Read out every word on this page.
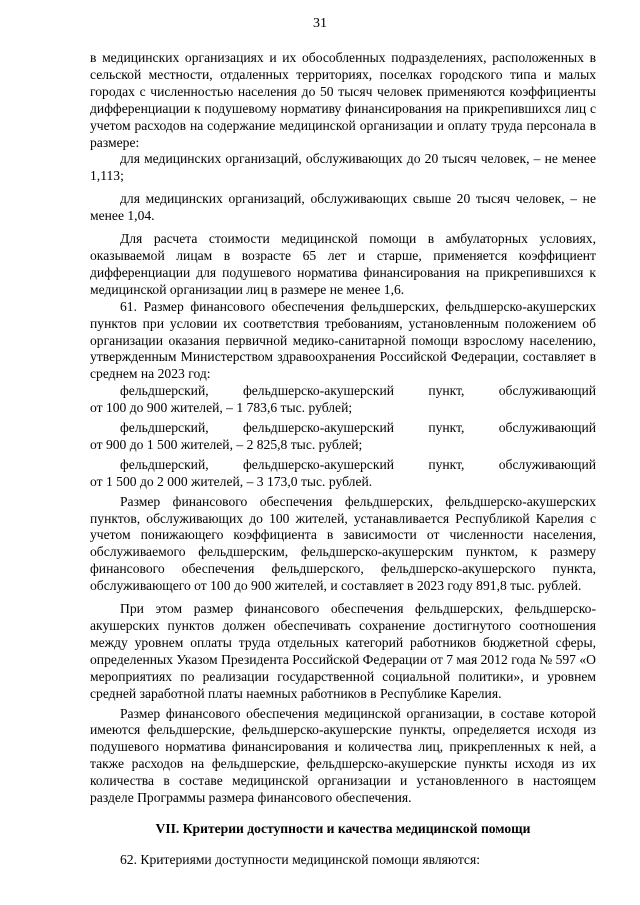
31

в медицинских организациях и их обособленных подразделениях, расположенных в сельской местности, отдаленных территориях, поселках городского типа и малых городах с численностью населения до 50 тысяч человек применяются коэффициенты дифференциации к подушевому нормативу финансирования на прикрепившихся лиц с учетом расходов на содержание медицинской организации и оплату труда персонала в размере:

для медицинских организаций, обслуживающих до 20 тысяч человек, – не менее 1,113;

для медицинских организаций, обслуживающих свыше 20 тысяч человек, – не менее 1,04.

Для расчета стоимости медицинской помощи в амбулаторных условиях, оказываемой лицам в возрасте 65 лет и старше, применяется коэффициент дифференциации для подушевого норматива финансирования на прикрепившихся к медицинской организации лиц в размере не менее 1,6.

61. Размер финансового обеспечения фельдшерских, фельдшерско-акушерских пунктов при условии их соответствия требованиям, установленным положением об организации оказания первичной медико-санитарной помощи взрослому населению, утвержденным Министерством здравоохранения Российской Федерации, составляет в среднем на 2023 год:

фельдшерский, фельдшерско-акушерский пункт, обслуживающий

от 100 до 900 жителей, – 1 783,6 тыс. рублей;

фельдшерский, фельдшерско-акушерский пункт, обслуживающий

от 900 до 1 500 жителей, – 2 825,8 тыс. рублей;

фельдшерский, фельдшерско-акушерский пункт, обслуживающий

от 1 500 до 2 000 жителей, – 3 173,0 тыс. рублей.

Размер финансового обеспечения фельдшерских, фельдшерско-акушерских пунктов, обслуживающих до 100 жителей, устанавливается Республикой Карелия с учетом понижающего коэффициента в зависимости от численности населения, обслуживаемого фельдшерским, фельдшерско-акушерским пунктом, к размеру финансового обеспечения фельдшерского, фельдшерско-акушерского пункта, обслуживающего от 100 до 900 жителей, и составляет в 2023 году 891,8 тыс. рублей.

При этом размер финансового обеспечения фельдшерских, фельдшерско-акушерских пунктов должен обеспечивать сохранение достигнутого соотношения между уровнем оплаты труда отдельных категорий работников бюджетной сферы, определенных Указом Президента Российской Федерации от 7 мая 2012 года № 597 «О мероприятиях по реализации государственной социальной политики», и уровнем средней заработной платы наемных работников в Республике Карелия.

Размер финансового обеспечения медицинской организации, в составе которой имеются фельдшерские, фельдшерско-акушерские пункты, определяется исходя из подушевого норматива финансирования и количества лиц, прикрепленных к ней, а также расходов на фельдшерские, фельдшерско-акушерские пункты исходя из их количества в составе медицинской организации и установленного в настоящем разделе Программы размера финансового обеспечения.

VII. Критерии доступности и качества медицинской помощи

62. Критериями доступности медицинской помощи являются:
